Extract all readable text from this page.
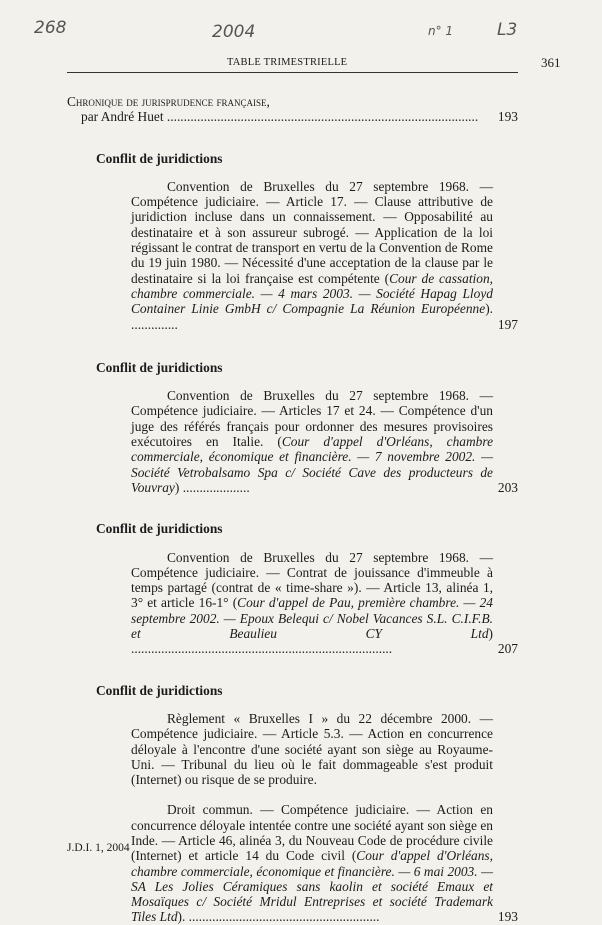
268	2004	n° 1	L3
TABLE TRIMESTRIELLE	361
Chronique de jurisprudence française,
par André Huet .....	193
Conflit de juridictions

Convention de Bruxelles du 27 septembre 1968. — Compétence judiciaire. — Article 17. — Clause attributive de juridiction incluse dans un connaissement. — Opposabilité au destinataire et à son assureur subrogé. — Application de la loi régissant le contrat de transport en vertu de la Convention de Rome du 19 juin 1980. — Nécessité d'une acceptation de la clause par le destinataire si la loi française est compétente (Cour de cassation, chambre commerciale. — 4 mars 2003. — Société Hapag Lloyd Container Linie GmbH c/ Compagnie La Réunion Européenne). ..............	197
Conflit de juridictions

Convention de Bruxelles du 27 septembre 1968. — Compétence judiciaire. — Articles 17 et 24. — Compétence d'un juge des référés français pour ordonner des mesures provisoires exécutoires en Italie. (Cour d'appel d'Orléans, chambre commerciale, économique et financière. — 7 novembre 2002. — Société Vetrobalsamo Spa c/ Société Cave des producteurs de Vouvray) ....................	203
Conflit de juridictions

Convention de Bruxelles du 27 septembre 1968. — Compétence judiciaire. — Contrat de jouissance d'immeuble à temps partagé (contrat de « time-share »). — Article 13, alinéa 1, 3° et article 16-1° (Cour d'appel de Pau, première chambre. — 24 septembre 2002. — Epoux Belequi c/ Nobel Vacances S.L. C.I.F.B. et Beaulieu CY Ltd) ..............................................................................	207
Conflit de juridictions

Règlement « Bruxelles I » du 22 décembre 2000. — Compétence judiciaire. — Article 5.3. — Action en concurrence déloyale à l'encontre d'une société ayant son siège au Royaume-Uni. — Tribunal du lieu où le fait dommageable s'est produit (Internet) ou risque de se produire.

Droit commun. — Compétence judiciaire. — Action en concurrence déloyale intentée contre une société ayant son siège en Inde. — Article 46, alinéa 3, du Nouveau Code de procédure civile (Internet) et article 14 du Code civil (Cour d'appel d'Orléans, chambre commerciale, économique et financière. — 6 mai 2003. — SA Les Jolies Céramiques sans kaolin et société Emaux et Mosaïques c/ Société Mridul Entreprises et société Trademark Tiles Ltd). .........................................................	193
J.D.I. 1, 2004
